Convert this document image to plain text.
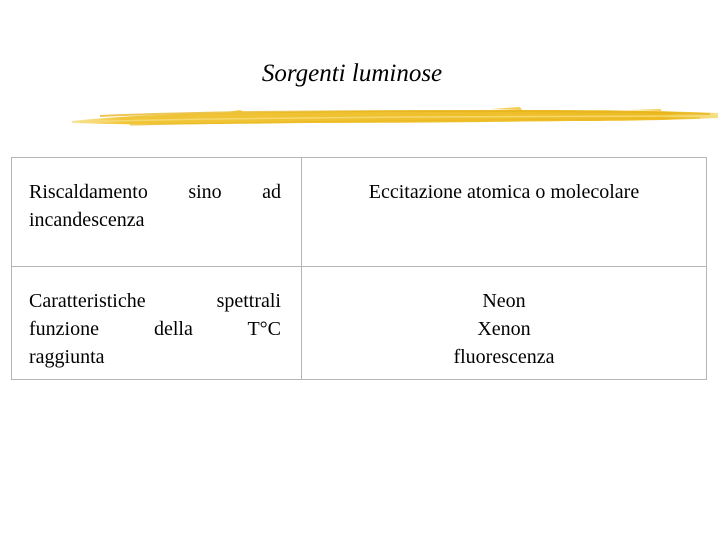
Sorgenti luminose
Riscaldamento sino ad
incandescenza	Eccitazione atomica o molecolare

Caratteristiche spettrali
funzione della T°C
raggiunta	Neon
Xenon
fluorescenza
